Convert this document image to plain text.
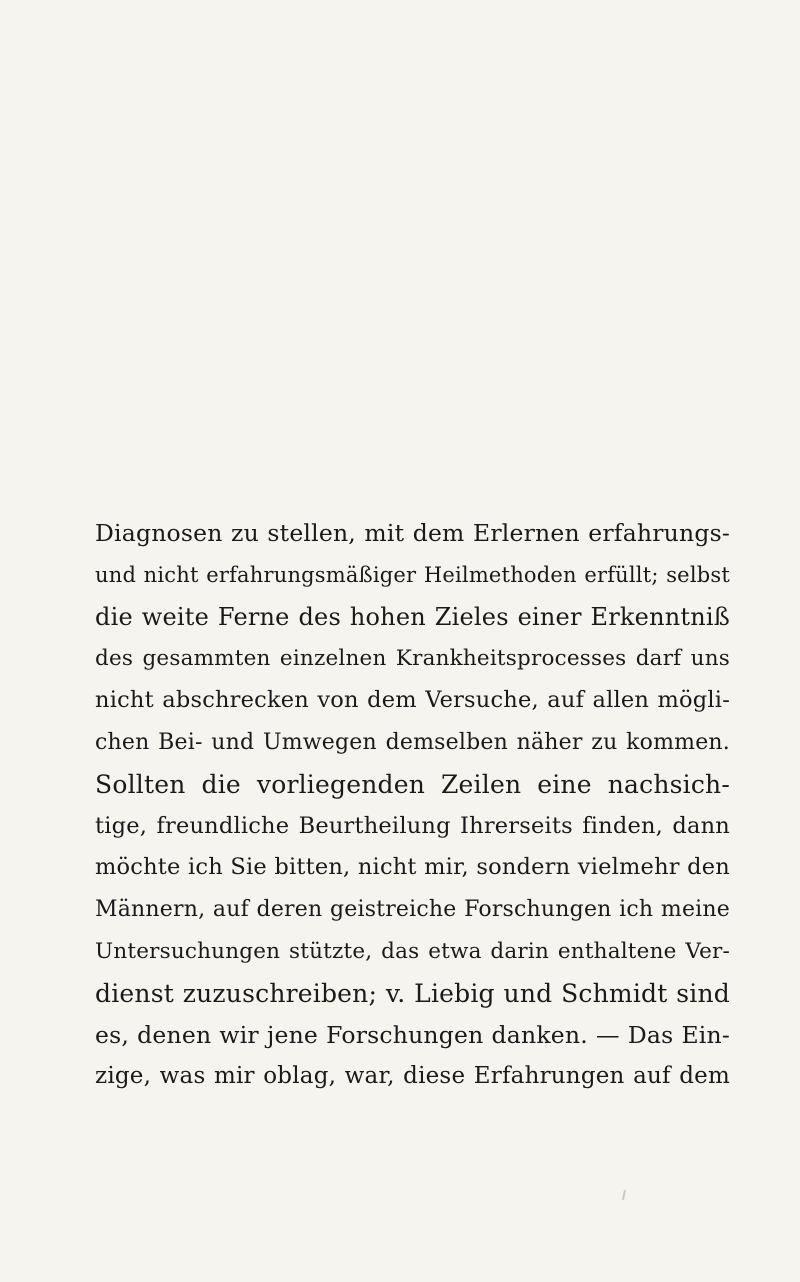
Diagnosen zu stellen, mit dem Erlernen erfahrungs-
und nicht erfahrungsmäßiger Heilmethoden erfüllt; selbst
die weite Ferne des hohen Zieles einer Erkenntniß
des gesammten einzelnen Krankheitsprocesses darf uns
nicht abschrecken von dem Versuche, auf allen mögli-
chen Bei- und Umwegen demselben näher zu kommen.
Sollten die vorliegenden Zeilen eine nachsich-
tige, freundliche Beurtheilung Ihrerseits finden, dann
möchte ich Sie bitten, nicht mir, sondern vielmehr den
Männern, auf deren geistreiche Forschungen ich meine
Untersuchungen stützte, das etwa darin enthaltene Ver-
dienst zuzuschreiben; v. Liebig und Schmidt sind
es, denen wir jene Forschungen danken. — Das Ein-
zige, was mir oblag, war, diese Erfahrungen auf dem
